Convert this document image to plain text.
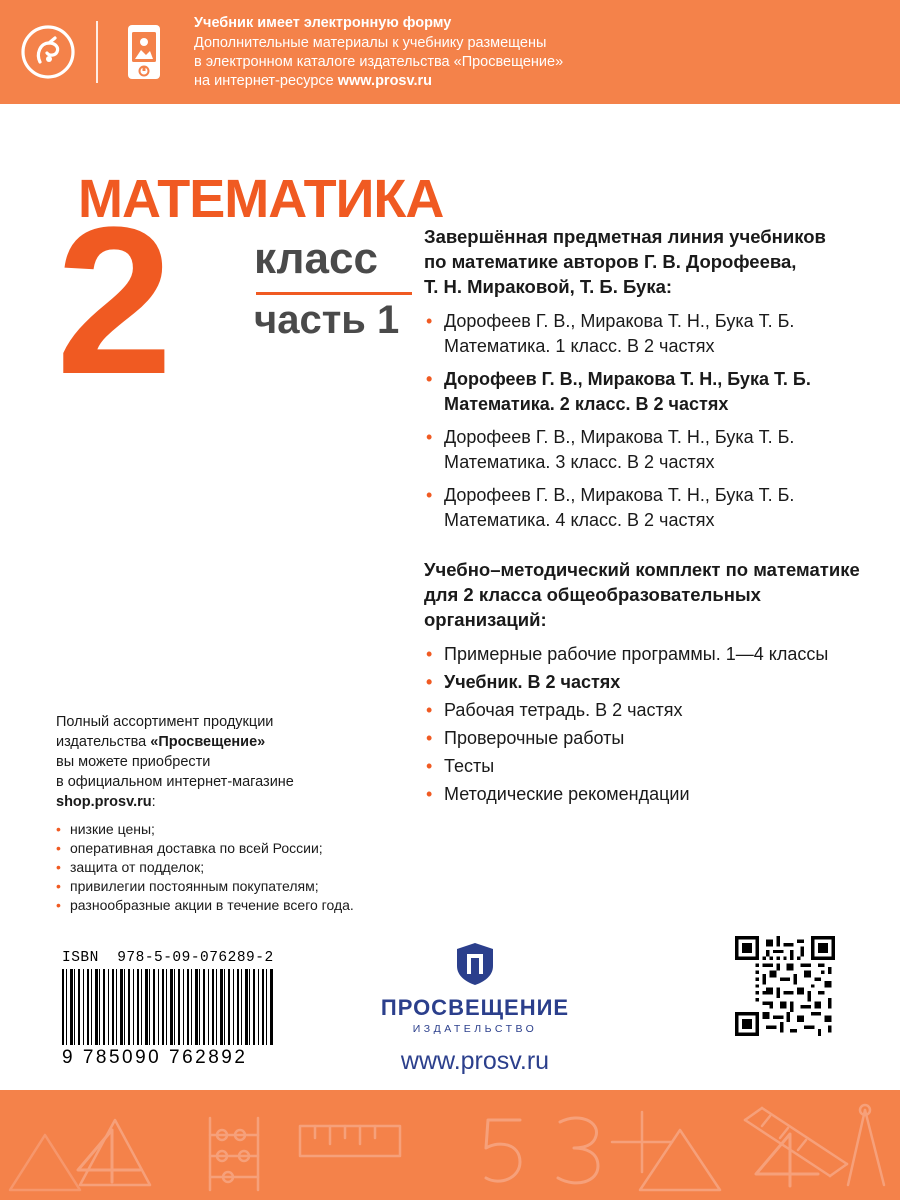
Учебник имеет электронную форму
Дополнительные материалы к учебнику размещены
в электронном каталоге издательства «Просвещение»
на интернет-ресурсе www.prosv.ru
МАТЕМАТИКА
2 класс
часть 1
Завершённая предметная линия учебников
по математике авторов Г. В. Дорофеева,
Т. Н. Мираковой, Т. Б. Бука:
• Дорофеев Г. В., Миракова Т. Н., Бука Т. Б.
Математика. 1 класс. В 2 частях
• Дорофеев Г. В., Миракова Т. Н., Бука Т. Б.
Математика. 2 класс. В 2 частях
• Дорофеев Г. В., Миракова Т. Н., Бука Т. Б.
Математика. 3 класс. В 2 частях
• Дорофеев Г. В., Миракова Т. Н., Бука Т. Б.
Математика. 4 класс. В 2 частях
Учебно–методический комплект по математике
для 2 класса общеобразовательных организаций:
• Примерные рабочие программы. 1—4 классы
• Учебник. В 2 частях
• Рабочая тетрадь. В 2 частях
• Проверочные работы
• Тесты
• Методические рекомендации
Полный ассортимент продукции
издательства «Просвещение»
вы можете приобрести
в официальном интернет-магазине
shop.prosv.ru:
• низкие цены;
• оперативная доставка по всей России;
• защита от подделок;
• привилегии постоянным покупателям;
• разнообразные акции в течение всего года.
ISBN 978-5-09-076289-2
9 785090 762892
ПРОСВЕЩЕНИЕ
ИЗДАТЕЛЬСТВО
www.prosv.ru
